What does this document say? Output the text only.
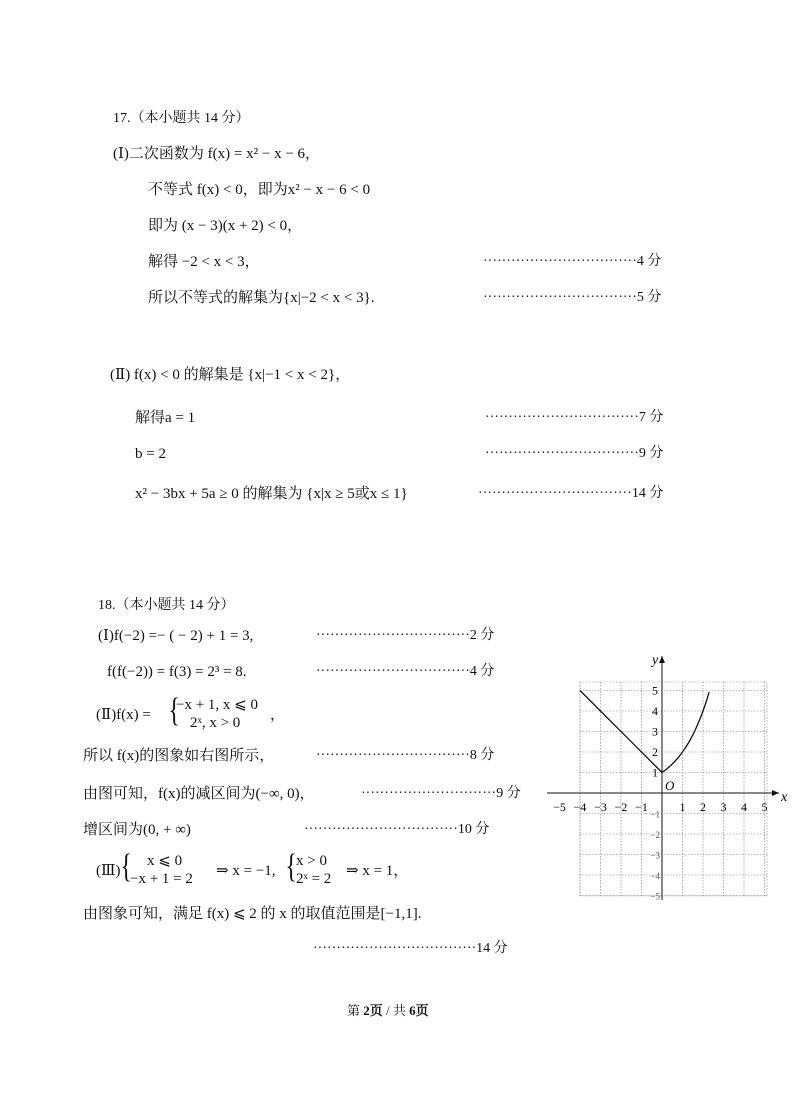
17.（本小题共 14 分）
(Ⅰ)二次函数为 f(x) = x² − x − 6，
不等式 f(x) < 0，即为x² − x − 6 < 0
即为 (x − 3)(x + 2) < 0，
解得 −2 < x < 3，	·································4 分
所以不等式的解集为{x|−2 < x < 3}.	·································5 分
(Ⅱ) f(x) < 0 的解集是 {x|−1 < x < 2}，
解得a = 1	·································7 分
b = 2	·································9 分
x² − 3bx + 5a ≥ 0 的解集为 {x|x ≥ 5或x ≤ 1}	·································14 分
18.（本小题共 14 分）
(Ⅰ)f(−2) =− ( − 2) + 1 = 3,	·································2 分
f(f(−2)) = f(3) = 2³ = 8.	·································4 分
(Ⅱ)f(x) = {
−x + 1, x ⩽ 0
2ˣ, x > 0 ，
所以 f(x)的图象如右图所示，	·································8 分
由图可知，f(x)的减区间为(−∞, 0)，	·····························9 分
增区间为(0, + ∞)	·································10 分
(Ⅲ) { x ⩽ 0
−x + 1 = 2 ⇒ x = −1, { x > 0
2ˣ = 2 ⇒ x = 1，
由图象可知，满足 f(x) ⩽ 2 的 x 的取值范围是[−1,1].
···································14 分
x
y
O
−5 −4 −3 −2 −1	1 2 3 4 5
5
4
3
2
1
−1
−2
−3
−4
−5
第 2页 / 共 6页
